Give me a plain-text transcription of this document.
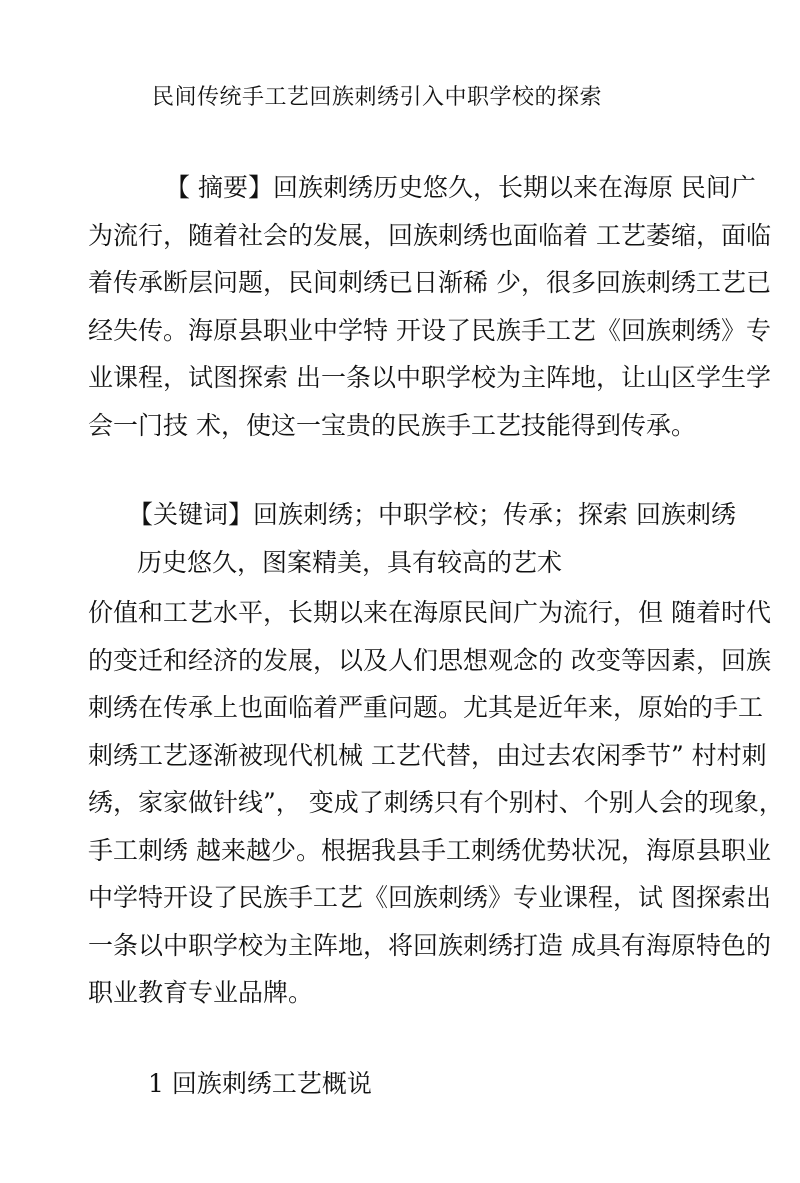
民间传统手工艺回族刺绣引入中职学校的探索
【 摘要】回族刺绣历史悠久，长期以来在海原 民间广
为流行，随着社会的发展，回族刺绣也面临着 工艺萎缩，面临
着传承断层问题，民间刺绣已日渐稀 少，很多回族刺绣工艺已
经失传。海原县职业中学特 开设了民族手工艺《回族刺绣》专
业课程，试图探索 出一条以中职学校为主阵地，让山区学生学
会一门技 术，使这一宝贵的民族手工艺技能得到传承。
【关键词】回族刺绣；中职学校；传承；探索 回族刺绣
历史悠久，图案精美，具有较高的艺术
价值和工艺水平，长期以来在海原民间广为流行，但 随着时代
的变迁和经济的发展，以及人们思想观念的 改变等因素，回族
刺绣在传承上也面临着严重问题。尤其是近年来，原始的手工
刺绣工艺逐渐被现代机械 工艺代替，由过去农闲季节” 村村刺
绣，家家做针线”， 变成了刺绣只有个别村、个别人会的现象，
手工刺绣 越来越少。根据我县手工刺绣优势状况，海原县职业
中学特开设了民族手工艺《回族刺绣》专业课程，试 图探索出
一条以中职学校为主阵地，将回族刺绣打造 成具有海原特色的
职业教育专业品牌。
1 回族刺绣工艺概说
